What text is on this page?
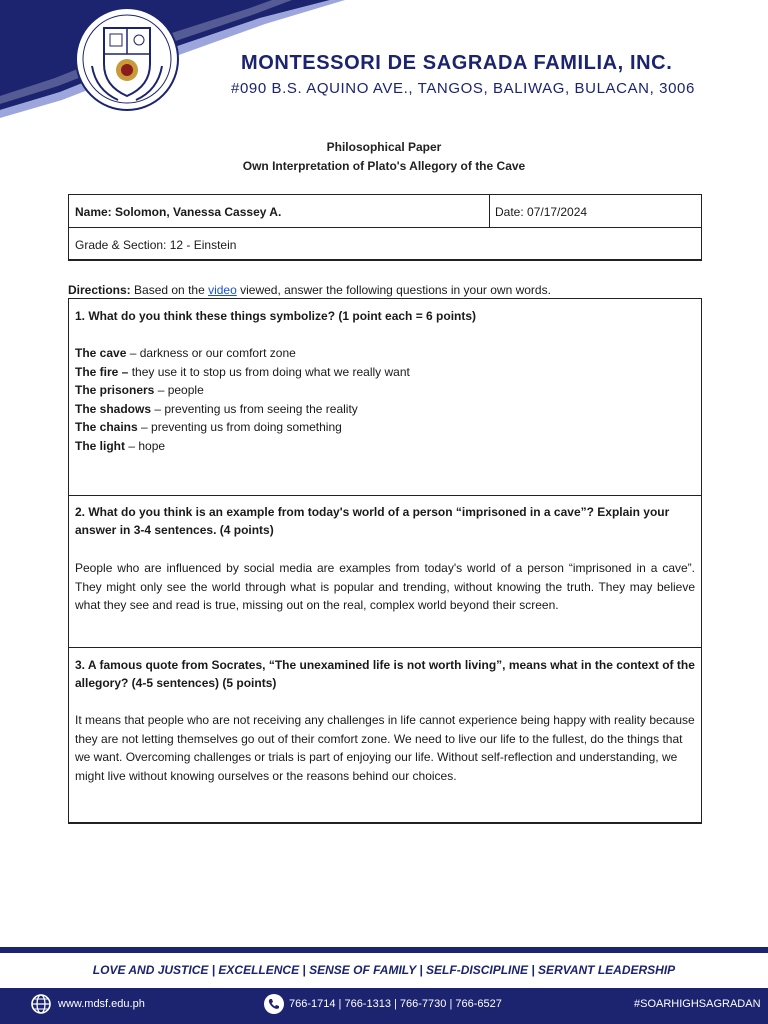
MONTESSORI DE SAGRADA FAMILIA, INC.
#090 B.S. AQUINO AVE., TANGOS, BALIWAG, BULACAN, 3006
Philosophical Paper
Own Interpretation of Plato's Allegory of the Cave
Name: Solomon, Vanessa Cassey A.	Date: 07/17/2024
Grade & Section: 12 - Einstein
Directions: Based on the video viewed, answer the following questions in your own words.
1. What do you think these things symbolize? (1 point each = 6 points)
The cave – darkness or our comfort zone
The fire – they use it to stop us from doing what we really want
The prisoners – people
The shadows – preventing us from seeing the reality
The chains – preventing us from doing something
The light – hope
2. What do you think is an example from today's world of a person “imprisoned in a cave”? Explain your answer in 3-4 sentences. (4 points)
People who are influenced by social media are examples from today's world of a person “imprisoned in a cave”. They might only see the world through what is popular and trending, without knowing the truth. They may believe what they see and read is true, missing out on the real, complex world beyond their screen.
3. A famous quote from Socrates, “The unexamined life is not worth living”, means what in the context of the allegory? (4-5 sentences) (5 points)
It means that people who are not receiving any challenges in life cannot experience being happy with reality because they are not letting themselves go out of their comfort zone. We need to live our life to the fullest, do the things that we want. Overcoming challenges or trials is part of enjoying our life. Without self-reflection and understanding, we might live without knowing ourselves or the reasons behind our choices.
LOVE AND JUSTICE | EXCELLENCE | SENSE OF FAMILY | SELF-DISCIPLINE | SERVANT LEADERSHIP
www.mdsf.edu.ph	766-1714 | 766-1313 | 766-7730 | 766-6527	#SOARHIGHSAGRADAN
